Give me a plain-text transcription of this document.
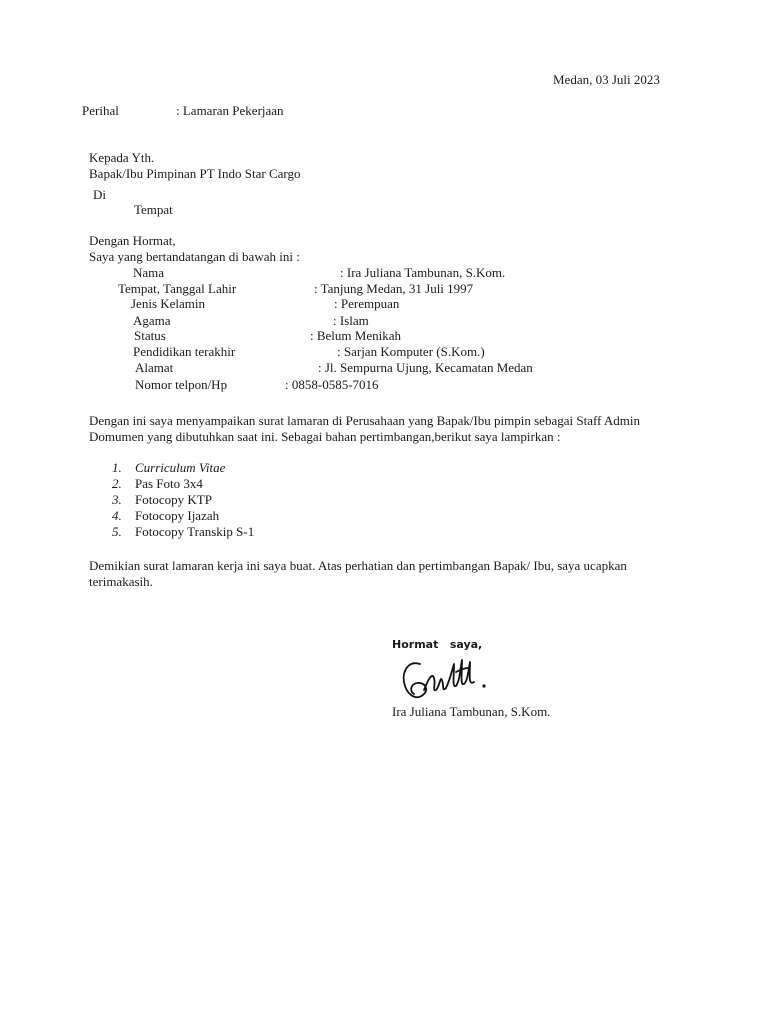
Medan, 03 Juli 2023
Perihal	: Lamaran Pekerjaan
Kepada Yth.
Bapak/Ibu Pimpinan PT Indo Star Cargo
Di
Tempat
Dengan Hormat,
Saya yang bertandatangan di bawah ini :
Nama	: Ira Juliana Tambunan, S.Kom.
Tempat, Tanggal Lahir	: Tanjung Medan, 31 Juli 1997
Jenis Kelamin	: Perempuan
Agama	: Islam
Status	: Belum Menikah
Pendidikan terakhir	: Sarjan Komputer (S.Kom.)
Alamat	: Jl. Sempurna Ujung, Kecamatan Medan
Nomor telpon/Hp	: 0858-0585-7016
Dengan ini saya menyampaikan surat lamaran di Perusahaan yang Bapak/Ibu pimpin sebagai Staff Admin Domumen yang dibutuhkan saat ini. Sebagai bahan pertimbangan,berikut saya lampirkan :
1. Curriculum Vitae
2. Pas Foto 3x4
3. Fotocopy KTP
4. Fotocopy Ijazah
5. Fotocopy Transkip S-1
Demikian surat lamaran kerja ini saya buat. Atas perhatian dan pertimbangan Bapak/ Ibu, saya ucapkan terimakasih.
Hormat   saya,
Ira Juliana Tambunan, S.Kom.
